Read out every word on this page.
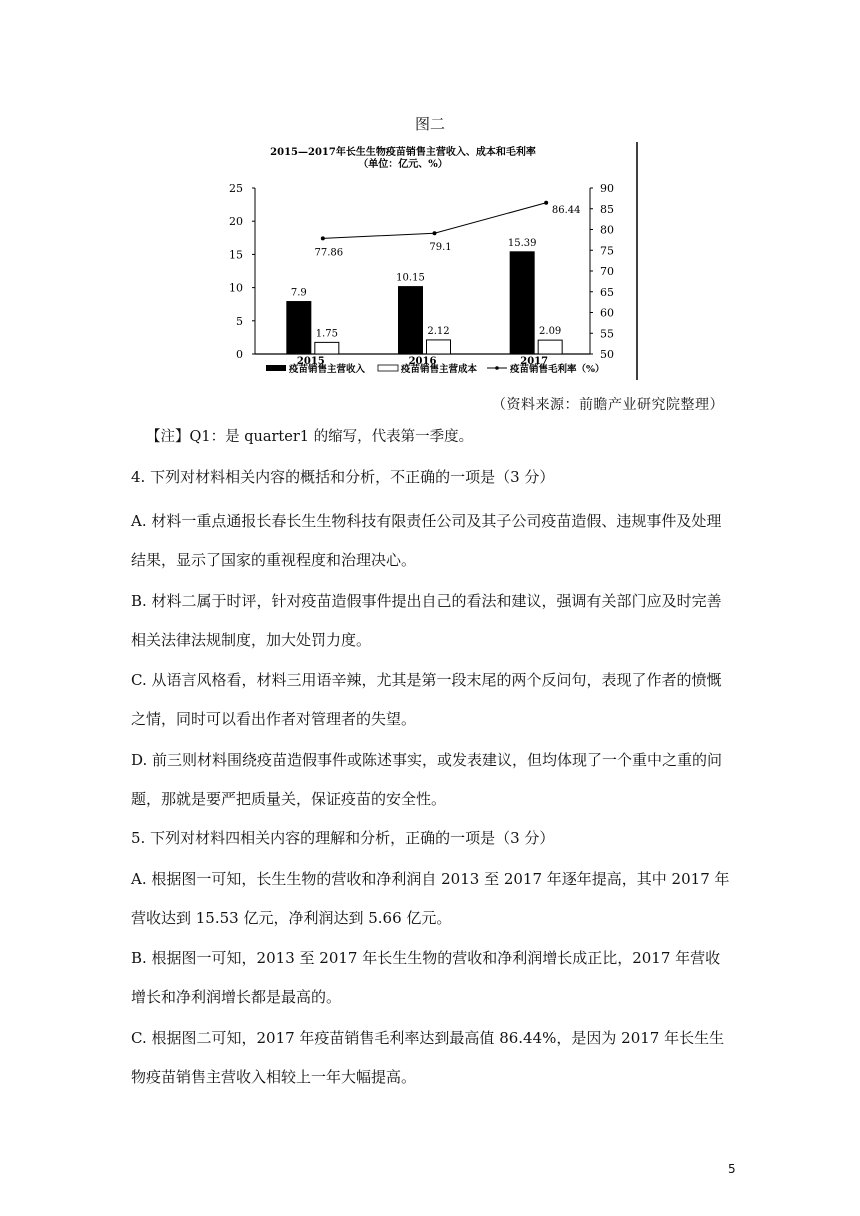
图二
2015—2017年长生生物疫苗销售主营收入、成本和毛利率
（单位：亿元、%）
0
5
10
15
20
25
50
55
60
65
70
75
80
85
90
7.9
1.75
2015
10.15
2.12
2016
15.39
2.09
2017
77.86	79.1
86.44
疫苗销售主营收入	疫苗销售主营成本	疫苗销售毛利率（%）
（资料来源：前瞻产业研究院整理）
【注】Q1：是 quarter1 的缩写，代表第一季度。
4. 下列对材料相关内容的概括和分析，不正确的一项是（3 分）
A. 材料一重点通报长春长生生物科技有限责任公司及其子公司疫苗造假、违规事件及处理结果，显示了国家的重视程度和治理决心。
B. 材料二属于时评，针对疫苗造假事件提出自己的看法和建议，强调有关部门应及时完善相关法律法规制度，加大处罚力度。
C. 从语言风格看，材料三用语辛辣，尤其是第一段末尾的两个反问句，表现了作者的愤慨之情，同时可以看出作者对管理者的失望。
D. 前三则材料围绕疫苗造假事件或陈述事实，或发表建议，但均体现了一个重中之重的问题，那就是要严把质量关，保证疫苗的安全性。
5. 下列对材料四相关内容的理解和分析，正确的一项是（3 分）
A. 根据图一可知，长生生物的营收和净利润自 2013 至 2017 年逐年提高，其中 2017 年营收达到 15.53 亿元，净利润达到 5.66 亿元。
B. 根据图一可知，2013 至 2017 年长生生物的营收和净利润增长成正比，2017 年营收增长和净利润增长都是最高的。
C. 根据图二可知，2017 年疫苗销售毛利率达到最高值 86.44%，是因为 2017 年长生生物疫苗销售主营收入相较上一年大幅提高。
5
